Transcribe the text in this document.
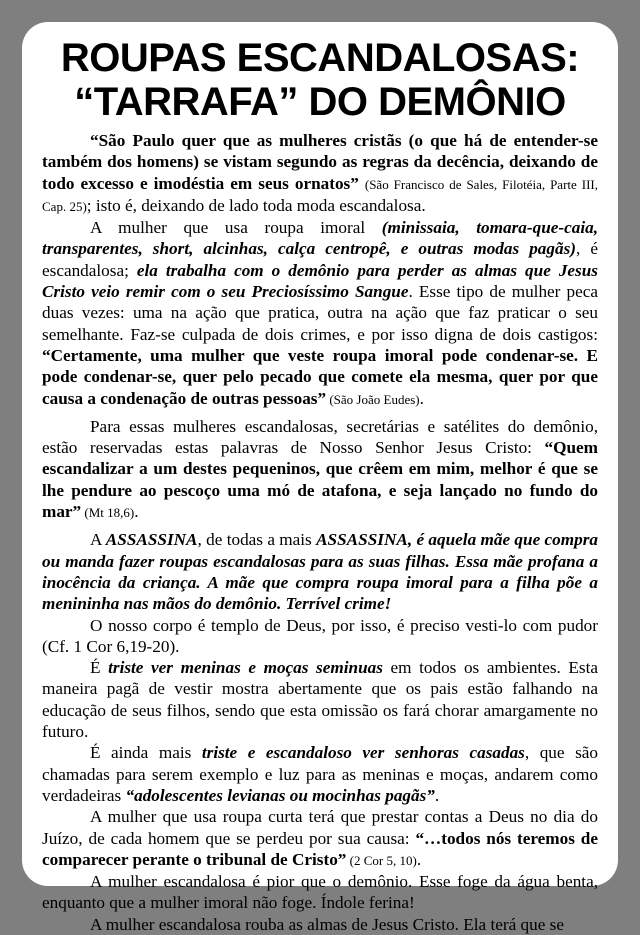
ROUPAS ESCANDALOSAS:
“TARRAFA” DO DEMÔNIO

“São Paulo quer que as mulheres cristãs (o que há de entender-se também dos homens) se vistam segundo as regras da decência, deixando de todo excesso e imodéstia em seus ornatos” (São Francisco de Sales, Filotéia, Parte III, Cap. 25); isto é, deixando de lado toda moda escandalosa.

A mulher que usa roupa imoral (minissaia, tomara-que-caia, transparentes, short, alcinhas, calça centropê, e outras modas pagãs), é escandalosa; ela trabalha com o demônio para perder as almas que Jesus Cristo veio remir com o seu Preciosíssimo Sangue. Esse tipo de mulher peca duas vezes: uma na ação que pratica, outra na ação que faz praticar o seu semelhante. Faz-se culpada de dois crimes, e por isso digna de dois castigos: “Certamente, uma mulher que veste roupa imoral pode condenar-se. E pode condenar-se, quer pelo pecado que comete ela mesma, quer por que causa a condenação de outras pessoas” (São João Eudes).

Para essas mulheres escandalosas, secretárias e satélites do demônio, estão reservadas estas palavras de Nosso Senhor Jesus Cristo: “Quem escandalizar a um destes pequeninos, que crêem em mim, melhor é que se lhe pendure ao pescoço uma mó de atafona, e seja lançado no fundo do mar” (Mt 18,6).

A ASSASSINA, de todas a mais ASSASSINA, é aquela mãe que compra ou manda fazer roupas escandalosas para as suas filhas. Essa mãe profana a inocência da criança. A mãe que compra roupa imoral para a filha põe a menininha nas mãos do demônio. Terrível crime!

O nosso corpo é templo de Deus, por isso, é preciso vesti-lo com pudor (Cf. 1 Cor 6,19-20).

É triste ver meninas e moças seminuas em todos os ambientes. Esta maneira pagã de vestir mostra abertamente que os pais estão falhando na educação de seus filhos, sendo que esta omissão os fará chorar amargamente no futuro.

É ainda mais triste e escandaloso ver senhoras casadas, que são chamadas para serem exemplo e luz para as meninas e moças, andarem como verdadeiras “adolescentes levianas ou mocinhas pagãs”.

A mulher que usa roupa curta terá que prestar contas a Deus no dia do Juízo, de cada homem que se perdeu por sua causa: “…todos nós teremos de comparecer perante o tribunal de Cristo” (2 Cor 5, 10).

A mulher escandalosa é pior que o demônio. Esse foge da água benta, enquanto que a mulher imoral não foge. Índole ferina!

A mulher escandalosa rouba as almas de Jesus Cristo. Ela terá que se
